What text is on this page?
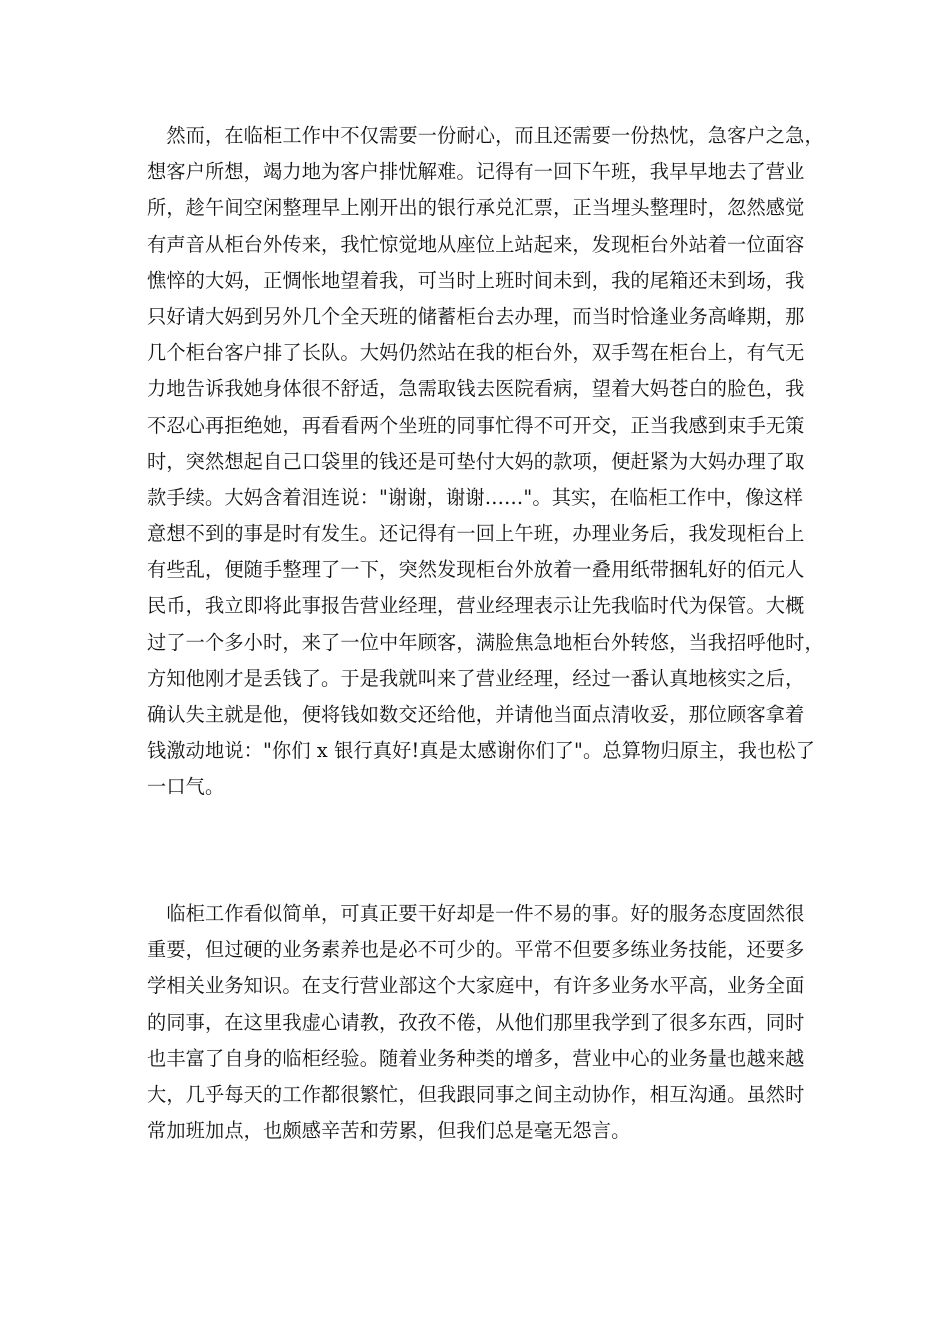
　然而，在临柜工作中不仅需要一份耐心，而且还需要一份热忱，急客户之急，
想客户所想，竭力地为客户排忧解难。记得有一回下午班，我早早地去了营业
所，趁午间空闲整理早上刚开出的银行承兑汇票，正当埋头整理时，忽然感觉
有声音从柜台外传来，我忙惊觉地从座位上站起来，发现柜台外站着一位面容
憔悴的大妈，正惆怅地望着我，可当时上班时间未到，我的尾箱还未到场，我
只好请大妈到另外几个全天班的储蓄柜台去办理，而当时恰逢业务高峰期，那
几个柜台客户排了长队。大妈仍然站在我的柜台外，双手驾在柜台上，有气无
力地告诉我她身体很不舒适，急需取钱去医院看病，望着大妈苍白的脸色，我
不忍心再拒绝她，再看看两个坐班的同事忙得不可开交，正当我感到束手无策
时，突然想起自己口袋里的钱还是可垫付大妈的款项，便赶紧为大妈办理了取
款手续。大妈含着泪连说："谢谢，谢谢……"。其实，在临柜工作中，像这样
意想不到的事是时有发生。还记得有一回上午班，办理业务后，我发现柜台上
有些乱，便随手整理了一下，突然发现柜台外放着一叠用纸带捆轧好的佰元人
民币，我立即将此事报告营业经理，营业经理表示让先我临时代为保管。大概
过了一个多小时，来了一位中年顾客，满脸焦急地柜台外转悠，当我招呼他时，
方知他刚才是丢钱了。于是我就叫来了营业经理，经过一番认真地核实之后，
确认失主就是他，便将钱如数交还给他，并请他当面点清收妥，那位顾客拿着
钱激动地说："你们 x 银行真好!真是太感谢你们了"。总算物归原主，我也松了
一口气。
　临柜工作看似简单，可真正要干好却是一件不易的事。好的服务态度固然很
重要，但过硬的业务素养也是必不可少的。平常不但要多练业务技能，还要多
学相关业务知识。在支行营业部这个大家庭中，有许多业务水平高，业务全面
的同事，在这里我虚心请教，孜孜不倦，从他们那里我学到了很多东西，同时
也丰富了自身的临柜经验。随着业务种类的增多，营业中心的业务量也越来越
大，几乎每天的工作都很繁忙，但我跟同事之间主动协作，相互沟通。虽然时
常加班加点，也颇感辛苦和劳累，但我们总是毫无怨言。
